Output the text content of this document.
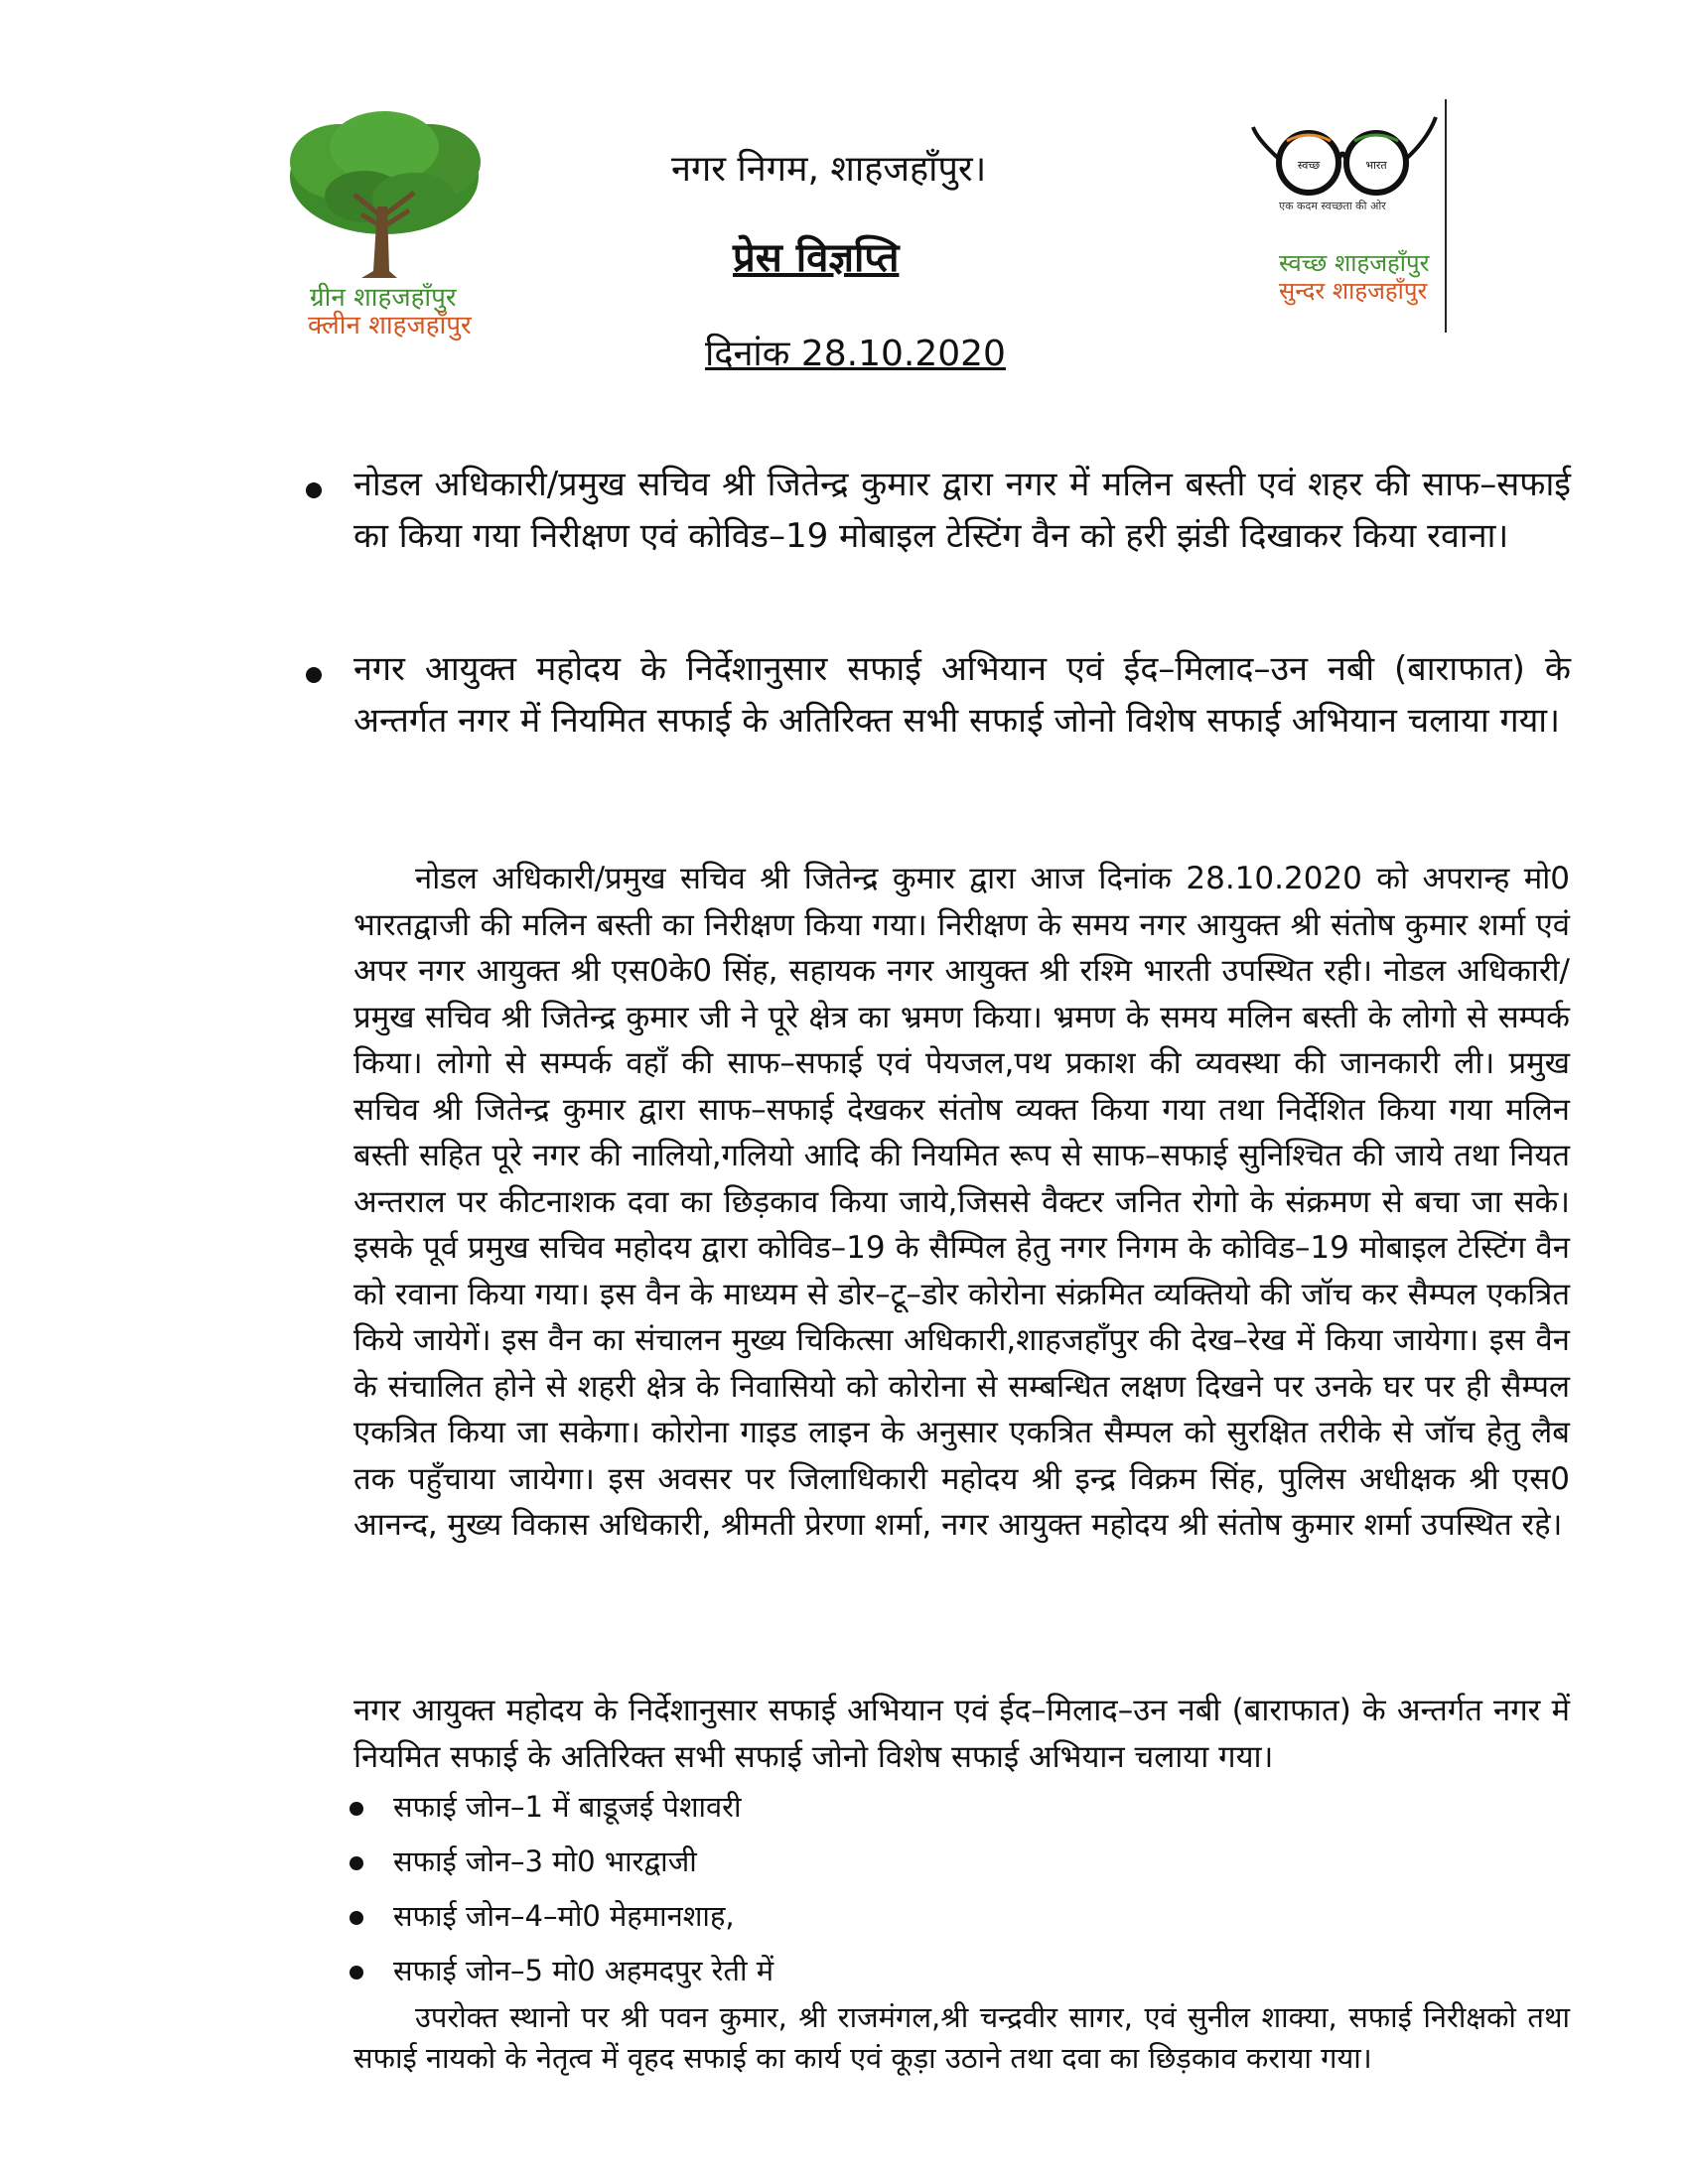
ग्रीन शाहजहाँपुर
क्लीन शाहजहाँपुर
नगर निगम, शाहजहाँपुर।
प्रेस विज्ञप्ति
दिनांक 28.10.2020
स्वच्छ	भारत
एक कदम स्वच्छता की ओर
स्वच्छ शाहजहाँपुर
सुन्दर शाहजहाँपुर
नोडल अधिकारी/प्रमुख सचिव श्री जितेन्द्र कुमार द्वारा नगर में मलिन बस्ती एवं शहर की साफ–सफाई का किया गया निरीक्षण एवं कोविड–19 मोबाइल टेस्टिंग वैन को हरी झंडी दिखाकर किया रवाना।
नगर आयुक्त महोदय के निर्देशानुसार सफाई अभियान एवं ईद–मिलाद–उन नबी (बाराफात) के अन्तर्गत नगर में नियमित सफाई के अतिरिक्त सभी सफाई जोनो विशेष सफाई अभियान चलाया गया।
नोडल अधिकारी/प्रमुख सचिव श्री जितेन्द्र कुमार द्वारा आज दिनांक 28.10.2020 को अपरान्ह मो0 भारतद्वाजी की मलिन बस्ती का निरीक्षण किया गया। निरीक्षण के समय नगर आयुक्त श्री संतोष कुमार शर्मा एवं अपर नगर आयुक्त श्री एस0के0 सिंह, सहायक नगर आयुक्त श्री रश्मि भारती उपस्थित रही। नोडल अधिकारी/प्रमुख सचिव श्री जितेन्द्र कुमार जी ने पूरे क्षेत्र का भ्रमण किया। भ्रमण के समय मलिन बस्ती के लोगो से सम्पर्क किया। लोगो से सम्पर्क वहाँ की साफ–सफाई एवं पेयजल,पथ प्रकाश की व्यवस्था की जानकारी ली। प्रमुख सचिव श्री जितेन्द्र कुमार द्वारा साफ–सफाई देखकर संतोष व्यक्त किया गया तथा निर्देशित किया गया मलिन बस्ती सहित पूरे नगर की नालियो,गलियो आदि की नियमित रूप से साफ–सफाई सुनिश्चित की जाये तथा नियत अन्तराल पर कीटनाशक दवा का छिड़काव किया जाये,जिससे वैक्टर जनित रोगो के संक्रमण से बचा जा सके। इसके पूर्व प्रमुख सचिव महोदय द्वारा कोविड–19 के सैम्पिल हेतु नगर निगम के कोविड–19 मोबाइल टेस्टिंग वैन को रवाना किया गया। इस वैन के माध्यम से डोर–टू–डोर कोरोना संक्रमित व्यक्तियो की जॉच कर सैम्पल एकत्रित किये जायेगें। इस वैन का संचालन मुख्य चिकित्सा अधिकारी,शाहजहाँपुर की देख–रेख में किया जायेगा। इस वैन के संचालित होने से शहरी क्षेत्र के निवासियो को कोरोना से सम्बन्धित लक्षण दिखने पर उनके घर पर ही सैम्पल एकत्रित किया जा सकेगा। कोरोना गाइड लाइन के अनुसार एकत्रित सैम्पल को सुरक्षित तरीके से जॉच हेतु लैब तक पहुँचाया जायेगा। इस अवसर पर जिलाधिकारी महोदय श्री इन्द्र विक्रम सिंह, पुलिस अधीक्षक श्री एस0 आनन्द, मुख्य विकास अधिकारी, श्रीमती प्रेरणा शर्मा, नगर आयुक्त महोदय श्री संतोष कुमार शर्मा उपस्थित रहे।
नगर आयुक्त महोदय के निर्देशानुसार सफाई अभियान एवं ईद–मिलाद–उन नबी (बाराफात) के अन्तर्गत नगर में नियमित सफाई के अतिरिक्त सभी सफाई जोनो विशेष सफाई अभियान चलाया गया।
सफाई जोन–1 में बाडूजई पेशावरी
सफाई जोन–3 मो0 भारद्वाजी
सफाई जोन–4–मो0 मेहमानशाह,
सफाई जोन–5 मो0 अहमदपुर रेती में
उपरोक्त स्थानो पर श्री पवन कुमार, श्री राजमंगल,श्री चन्द्रवीर सागर, एवं सुनील शाक्या, सफाई निरीक्षको तथा सफाई नायको के नेतृत्व में वृहद सफाई का कार्य एवं कूड़ा उठाने तथा दवा का छिड़काव कराया गया।
